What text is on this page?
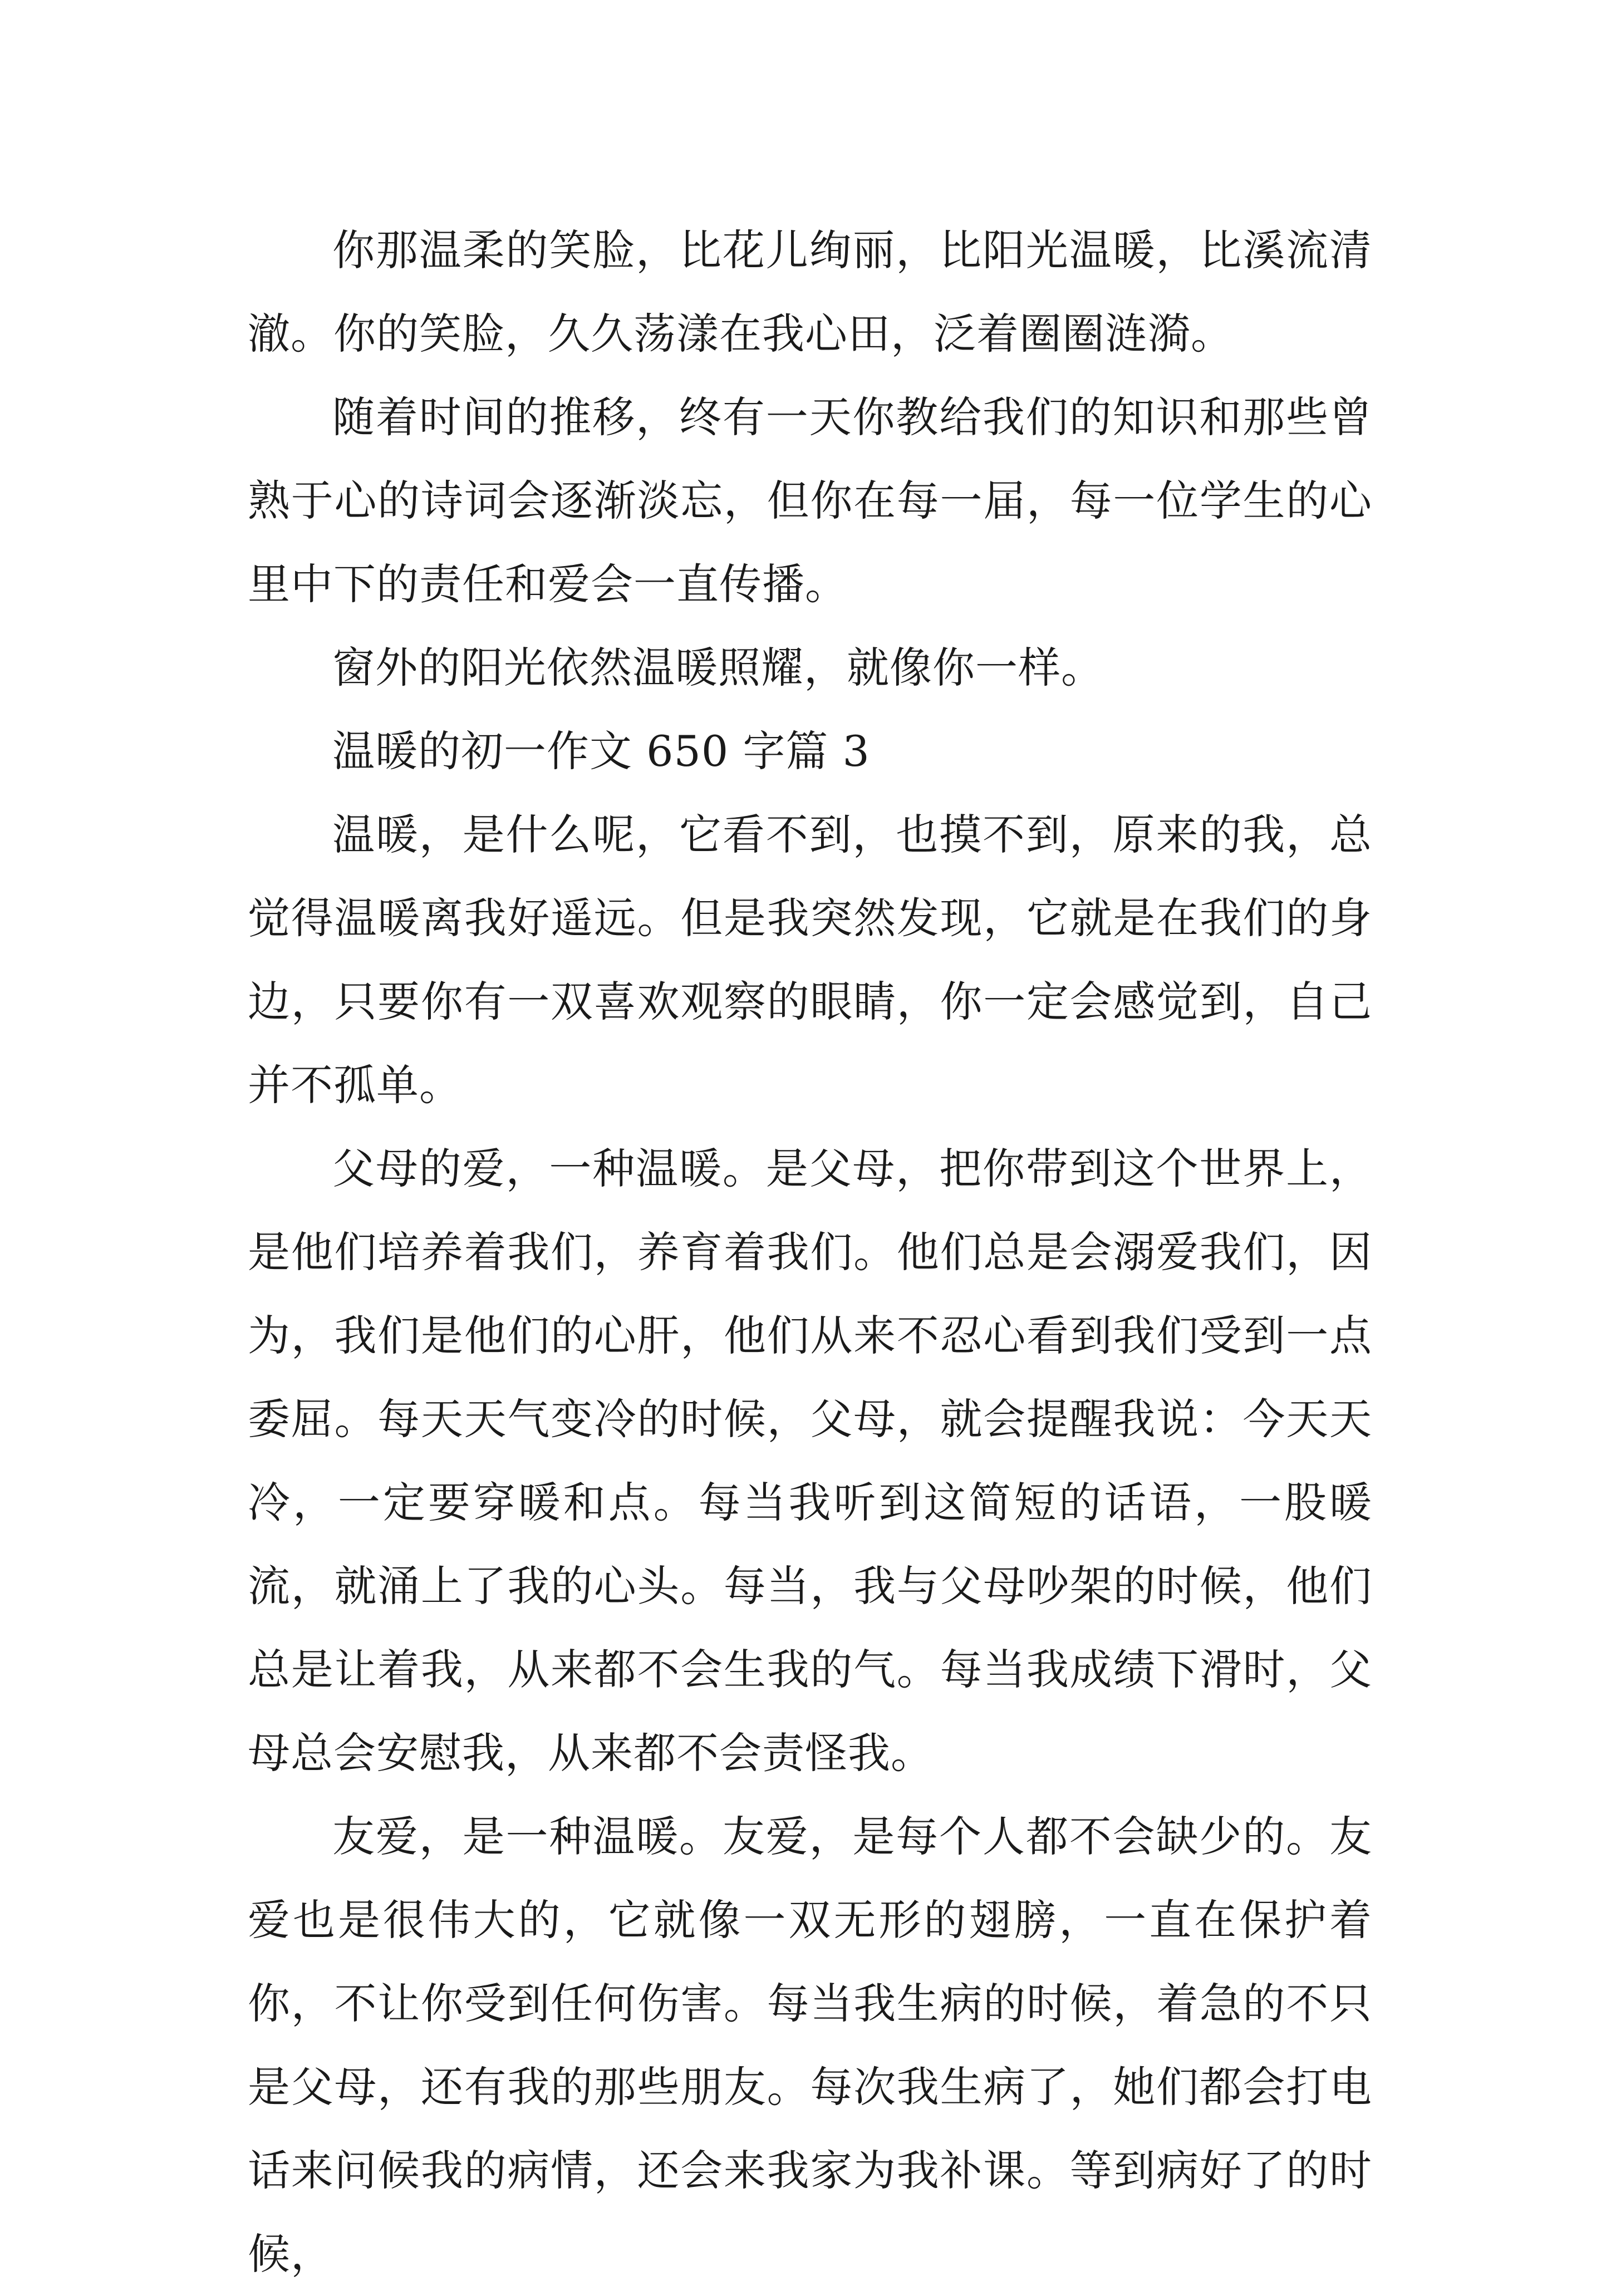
你那温柔的笑脸，比花儿绚丽，比阳光温暖，比溪流清澈。你的笑脸，久久荡漾在我心田，泛着圈圈涟漪。

随着时间的推移，终有一天你教给我们的知识和那些曾熟于心的诗词会逐渐淡忘，但你在每一届，每一位学生的心里中下的责任和爱会一直传播。

窗外的阳光依然温暖照耀，就像你一样。

温暖的初一作文 650 字篇 3

温暖，是什么呢，它看不到，也摸不到，原来的我，总觉得温暖离我好遥远。但是我突然发现，它就是在我们的身边，只要你有一双喜欢观察的眼睛，你一定会感觉到，自己并不孤单。

父母的爱，一种温暖。是父母，把你带到这个世界上，是他们培养着我们，养育着我们。他们总是会溺爱我们，因为，我们是他们的心肝，他们从来不忍心看到我们受到一点委屈。每天天气变冷的时候，父母，就会提醒我说：今天天冷，一定要穿暖和点。每当我听到这简短的话语，一股暖流，就涌上了我的心头。每当，我与父母吵架的时候，他们总是让着我，从来都不会生我的气。每当我成绩下滑时，父母总会安慰我，从来都不会责怪我。

友爱，是一种温暖。友爱，是每个人都不会缺少的。友爱也是很伟大的，它就像一双无形的翅膀，一直在保护着你，不让你受到任何伤害。每当我生病的时候，着急的不只是父母，还有我的那些朋友。每次我生病了，她们都会打电话来问候我的病情，还会来我家为我补课。等到病好了的时候，
